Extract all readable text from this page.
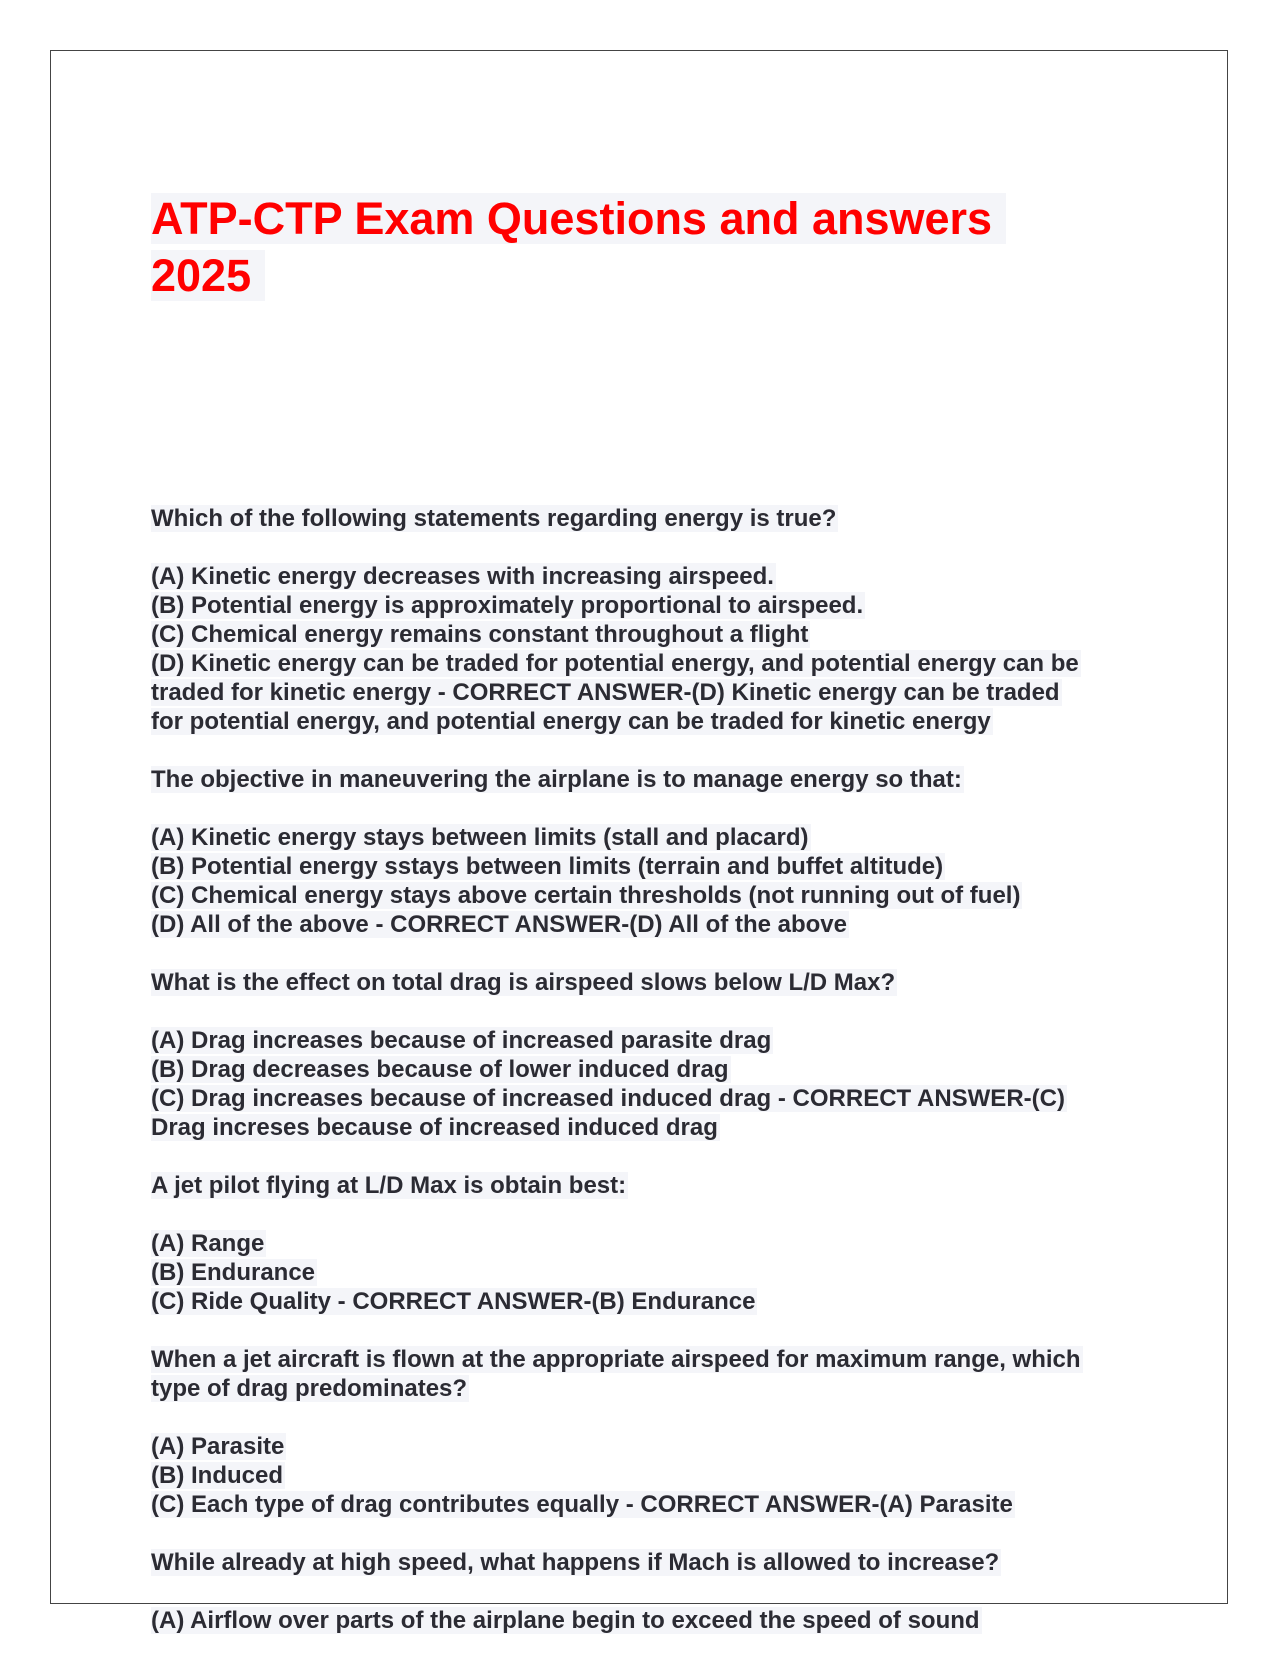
ATP-CTP Exam Questions and answers
2025
Which of the following statements regarding energy is true?
(A) Kinetic energy decreases with increasing airspeed.
(B) Potential energy is approximately proportional to airspeed.
(C) Chemical energy remains constant throughout a flight
(D) Kinetic energy can be traded for potential energy, and potential energy can be
traded for kinetic energy - CORRECT ANSWER-(D) Kinetic energy can be traded
for potential energy, and potential energy can be traded for kinetic energy
The objective in maneuvering the airplane is to manage energy so that:
(A) Kinetic energy stays between limits (stall and placard)
(B) Potential energy sstays between limits (terrain and buffet altitude)
(C) Chemical energy stays above certain thresholds (not running out of fuel)
(D) All of the above - CORRECT ANSWER-(D) All of the above
What is the effect on total drag is airspeed slows below L/D Max?
(A) Drag increases because of increased parasite drag
(B) Drag decreases because of lower induced drag
(C) Drag increases because of increased induced drag - CORRECT ANSWER-(C)
Drag increses because of increased induced drag
A jet pilot flying at L/D Max is obtain best:
(A) Range
(B) Endurance
(C) Ride Quality - CORRECT ANSWER-(B) Endurance
When a jet aircraft is flown at the appropriate airspeed for maximum range, which
type of drag predominates?
(A) Parasite
(B) Induced
(C) Each type of drag contributes equally - CORRECT ANSWER-(A) Parasite
While already at high speed, what happens if Mach is allowed to increase?
(A) Airflow over parts of the airplane begin to exceed the speed of sound
